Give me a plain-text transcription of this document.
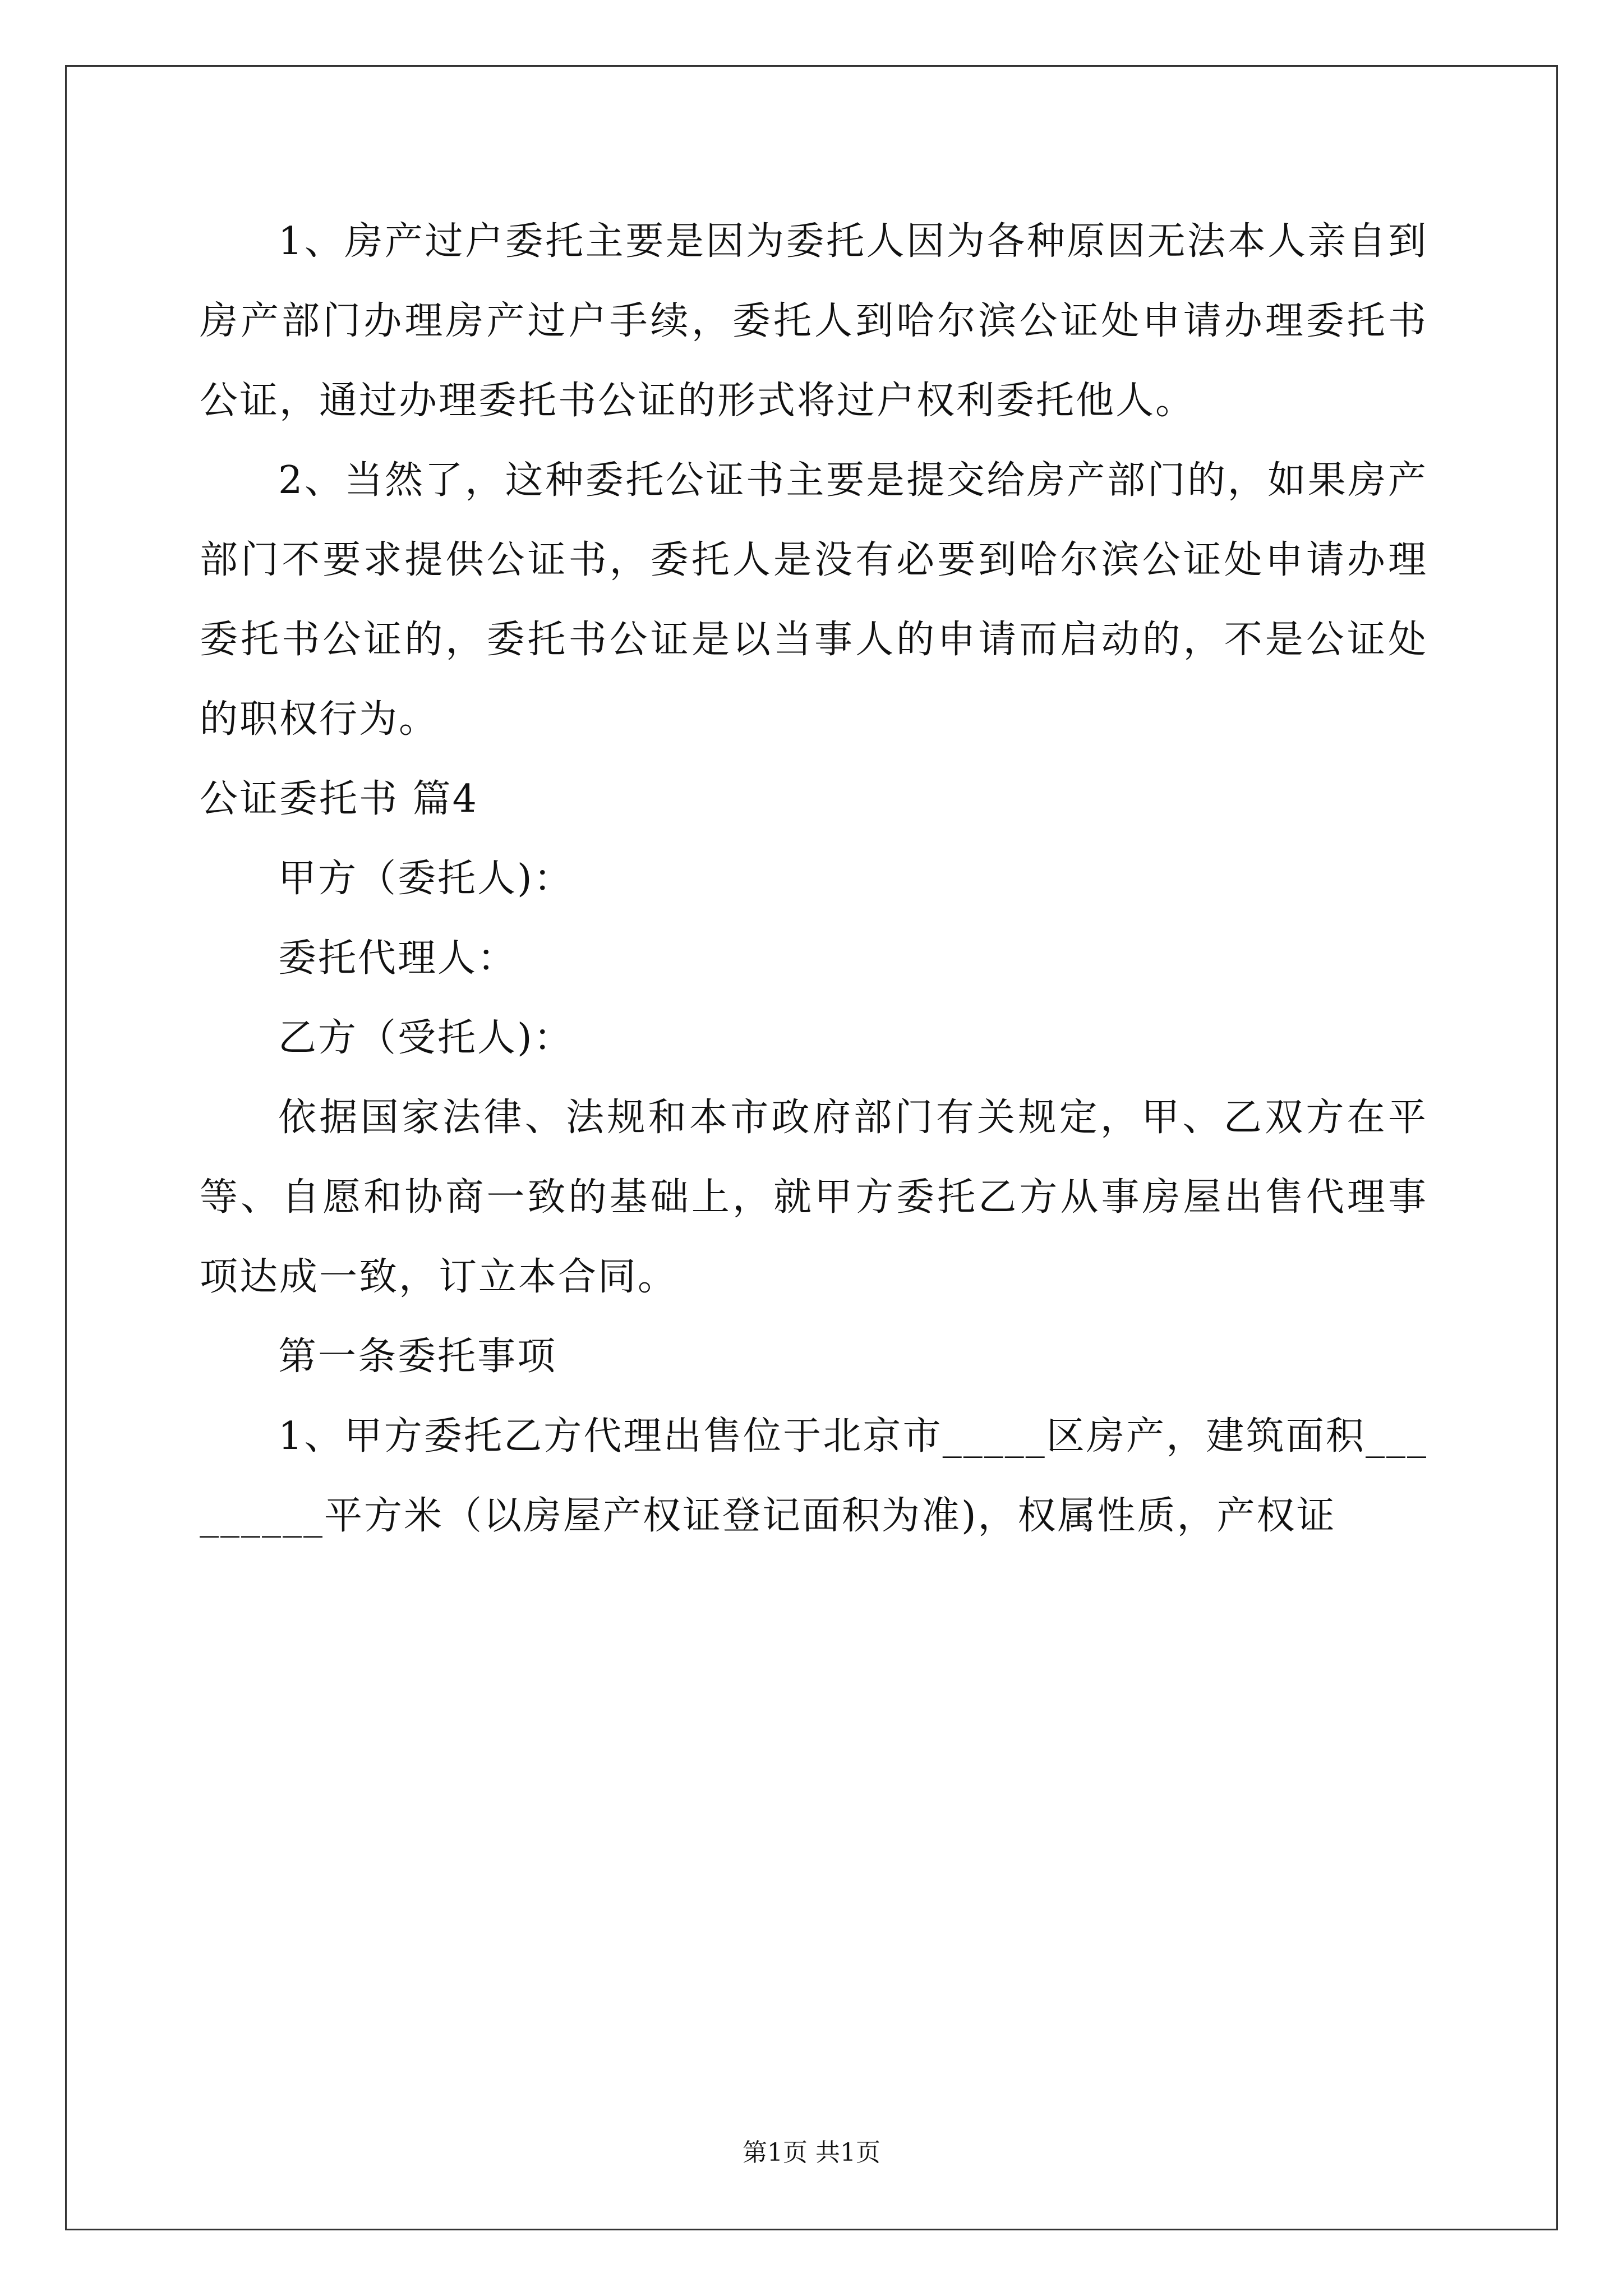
1、房产过户委托主要是因为委托人因为各种原因无法本人亲自到房产部门办理房产过户手续，委托人到哈尔滨公证处申请办理委托书公证，通过办理委托书公证的形式将过户权利委托他人。

2、当然了，这种委托公证书主要是提交给房产部门的，如果房产部门不要求提供公证书，委托人是没有必要到哈尔滨公证处申请办理委托书公证的，委托书公证是以当事人的申请而启动的，不是公证处的职权行为。

公证委托书 篇4

甲方（委托人)：

委托代理人：

乙方（受托人)：

依据国家法律、法规和本市政府部门有关规定，甲、乙双方在平等、自愿和协商一致的基础上，就甲方委托乙方从事房屋出售代理事项达成一致，订立本合同。

第一条委托事项

1、甲方委托乙方代理出售位于北京市_____区房产，建筑面积_________平方米（以房屋产权证登记面积为准)，权属性质，产权证

第1页 共1页
